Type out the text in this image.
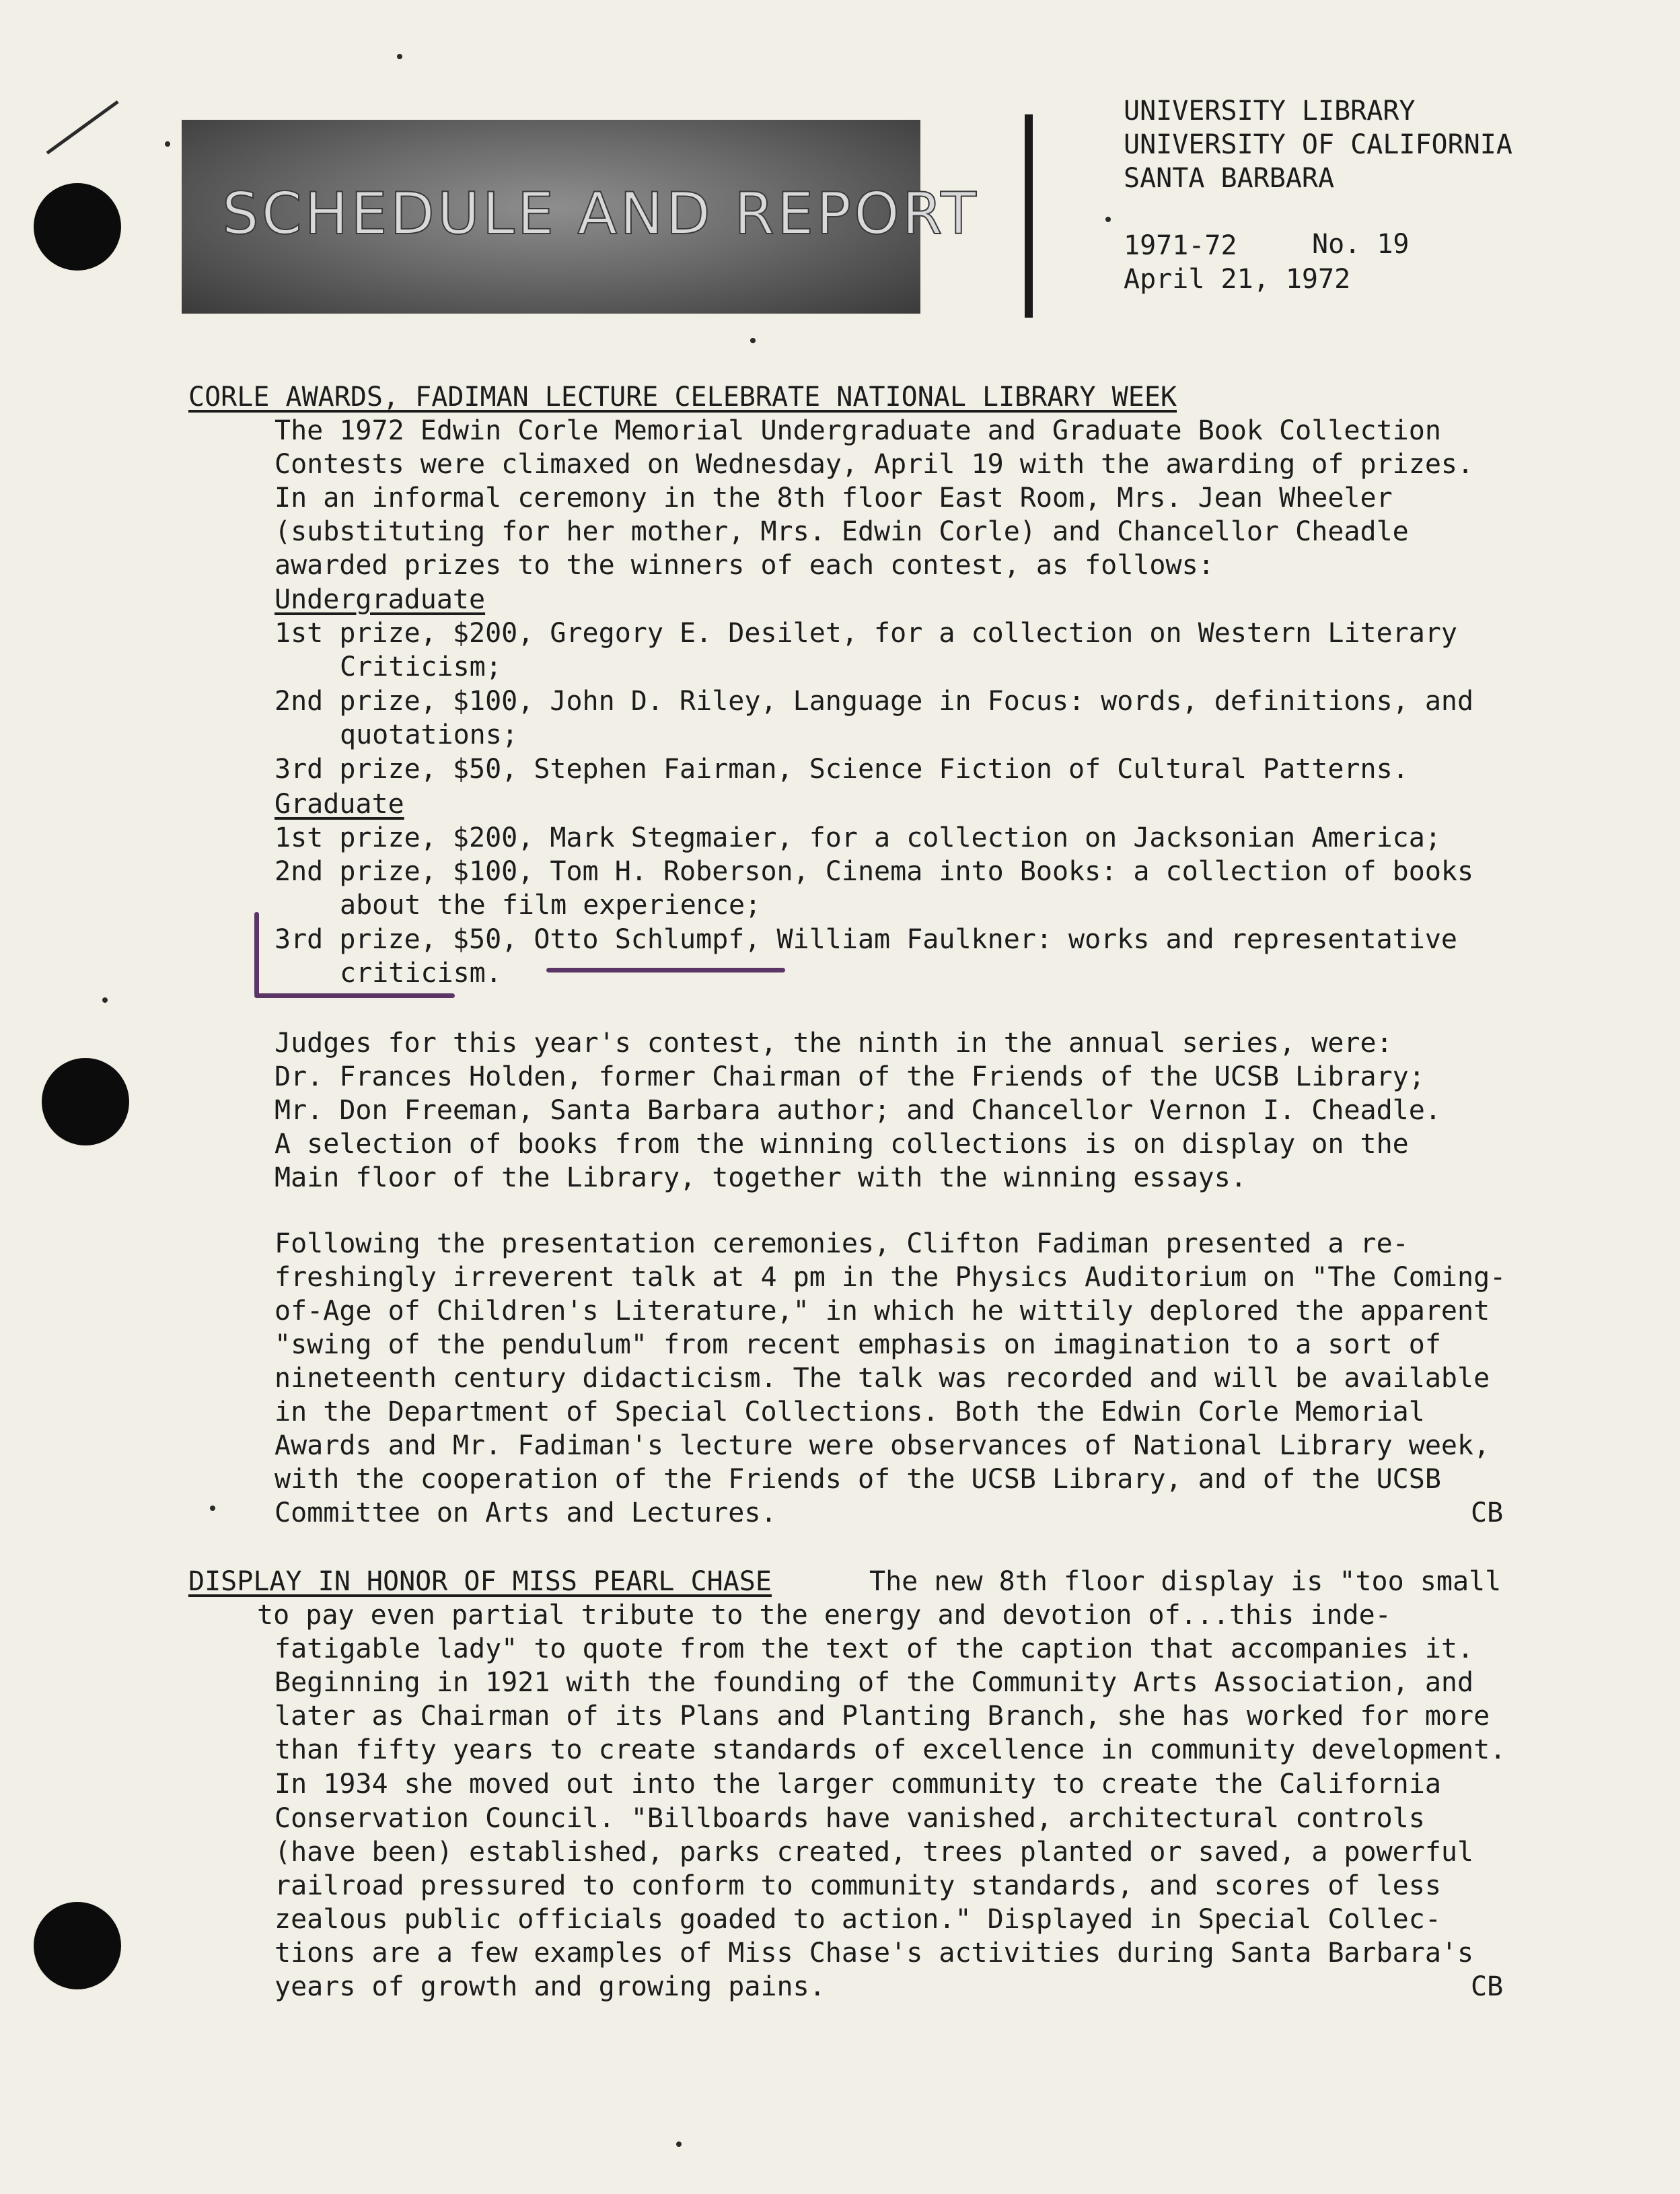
SCHEDULE AND REPORT
UNIVERSITY LIBRARY
UNIVERSITY OF CALIFORNIA
SANTA BARBARA
1971-72	No. 19
April 21, 1972
CORLE AWARDS, FADIMAN LECTURE CELEBRATE NATIONAL LIBRARY WEEK
The 1972 Edwin Corle Memorial Undergraduate and Graduate Book Collection
Contests were climaxed on Wednesday, April 19 with the awarding of prizes.
In an informal ceremony in the 8th floor East Room, Mrs. Jean Wheeler
(substituting for her mother, Mrs. Edwin Corle) and Chancellor Cheadle
awarded prizes to the winners of each contest, as follows:
Undergraduate
1st prize, $200, Gregory E. Desilet, for a collection on Western Literary
Criticism;
2nd prize, $100, John D. Riley, Language in Focus: words, definitions, and
quotations;
3rd prize, $50, Stephen Fairman, Science Fiction of Cultural Patterns.
Graduate
1st prize, $200, Mark Stegmaier, for a collection on Jacksonian America;
2nd prize, $100, Tom H. Roberson, Cinema into Books: a collection of books
about the film experience;
3rd prize, $50, Otto Schlumpf, William Faulkner: works and representative
criticism.
Judges for this year's contest, the ninth in the annual series, were:
Dr. Frances Holden, former Chairman of the Friends of the UCSB Library;
Mr. Don Freeman, Santa Barbara author; and Chancellor Vernon I. Cheadle.
A selection of books from the winning collections is on display on the
Main floor of the Library, together with the winning essays.
Following the presentation ceremonies, Clifton Fadiman presented a re-
freshingly irreverent talk at 4 pm in the Physics Auditorium on "The Coming-
of-Age of Children's Literature," in which he wittily deplored the apparent
"swing of the pendulum" from recent emphasis on imagination to a sort of
nineteenth century didacticism. The talk was recorded and will be available
in the Department of Special Collections. Both the Edwin Corle Memorial
Awards and Mr. Fadiman's lecture were observances of National Library week,
with the cooperation of the Friends of the UCSB Library, and of the UCSB
Committee on Arts and Lectures.	CB
DISPLAY IN HONOR OF MISS PEARL CHASE	The new 8th floor display is "too small
to pay even partial tribute to the energy and devotion of...this inde-
fatigable lady" to quote from the text of the caption that accompanies it.
Beginning in 1921 with the founding of the Community Arts Association, and
later as Chairman of its Plans and Planting Branch, she has worked for more
than fifty years to create standards of excellence in community development.
In 1934 she moved out into the larger community to create the California
Conservation Council. "Billboards have vanished, architectural controls
(have been) established, parks created, trees planted or saved, a powerful
railroad pressured to conform to community standards, and scores of less
zealous public officials goaded to action." Displayed in Special Collec-
tions are a few examples of Miss Chase's activities during Santa Barbara's
years of growth and growing pains.	CB
